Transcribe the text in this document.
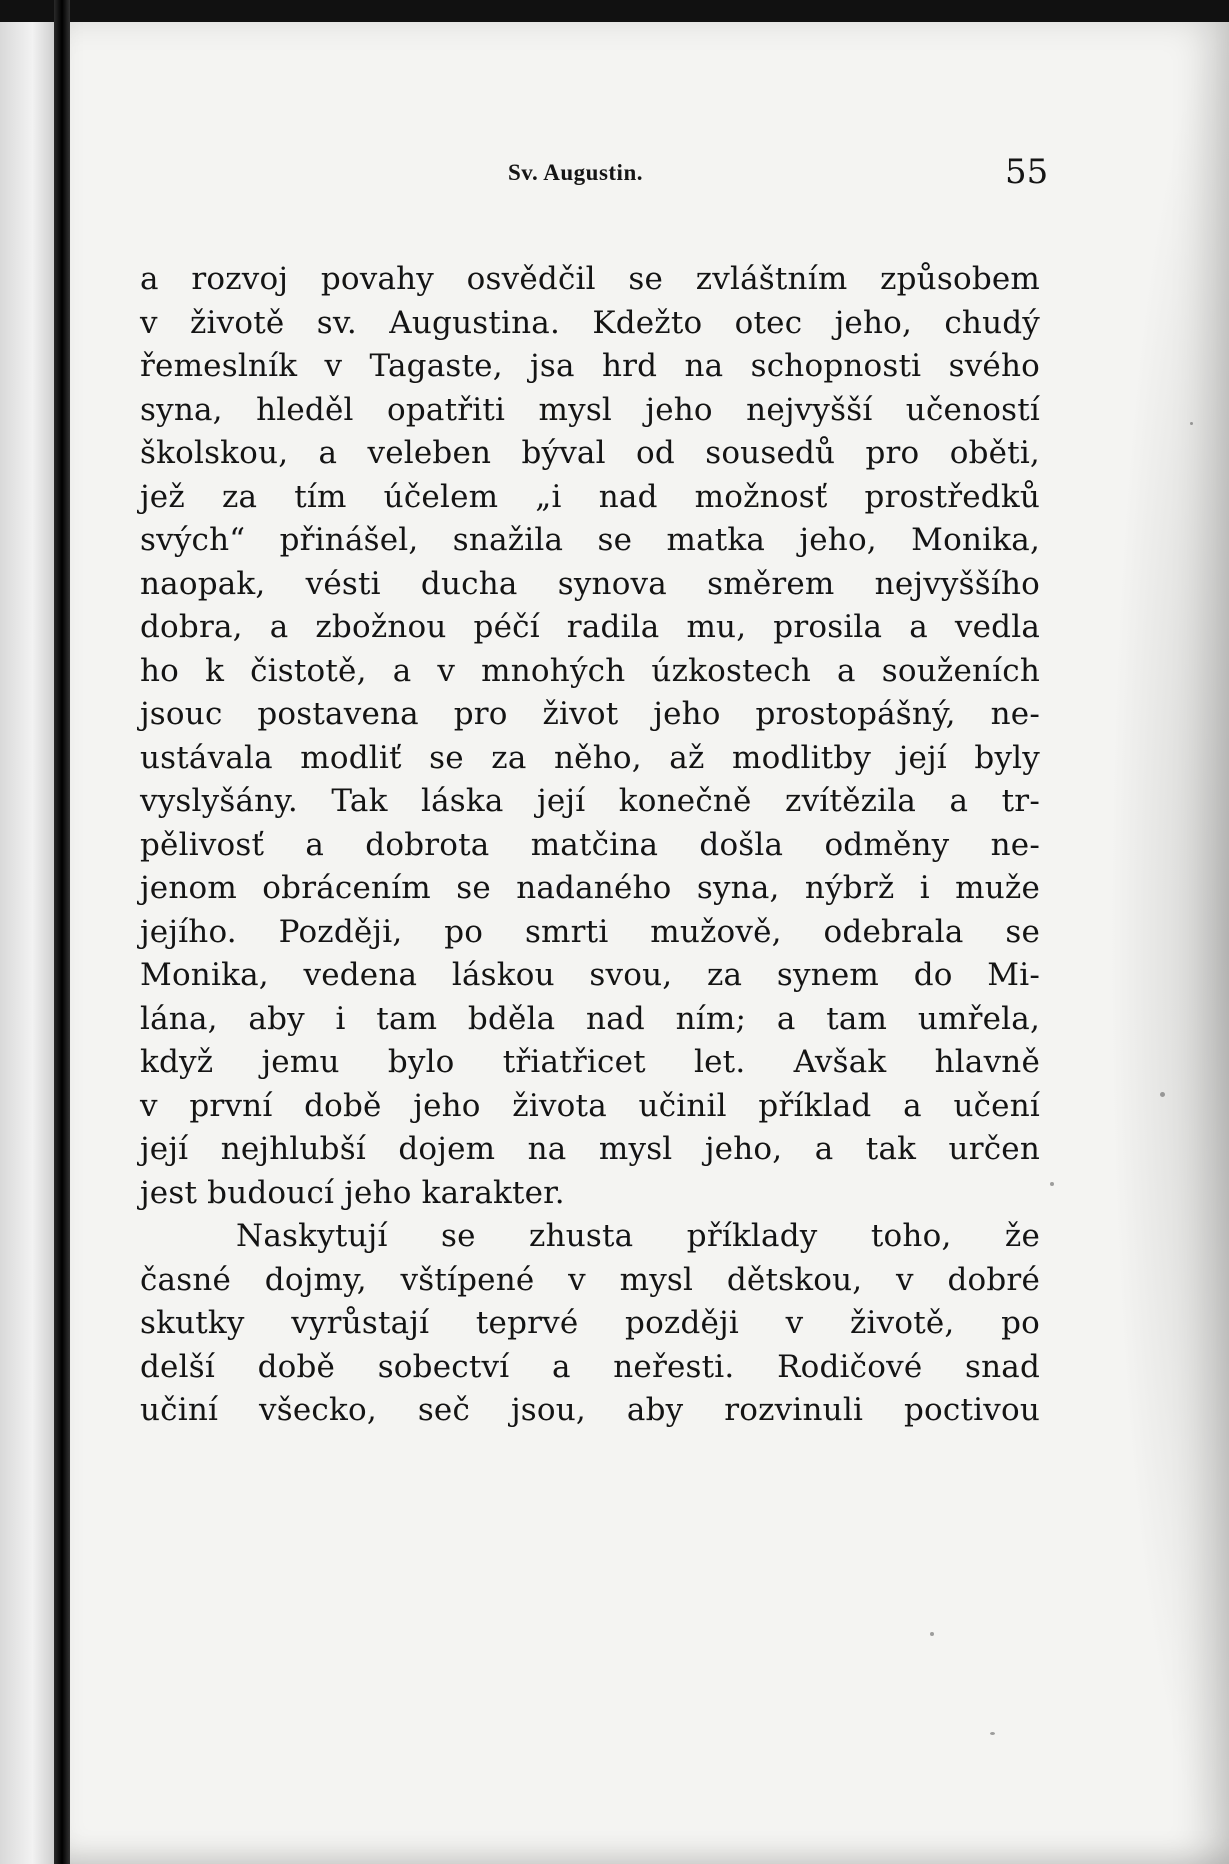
Sv. Augustin.	55
a rozvoj povahy osvědčil se zvláštním způsobem
v životě sv. Augustina. Kdežto otec jeho, chudý
řemeslník v Tagaste, jsa hrd na schopnosti svého
syna, hleděl opatřiti mysl jeho nejvyšší učeností
školskou, a veleben býval od sousedů pro oběti,
jež za tím účelem „i nad možnosť prostředků
svých“ přinášel, snažila se matka jeho, Monika,
naopak, vésti ducha synova směrem nejvyššího
dobra, a zbožnou péčí radila mu, prosila a vedla
ho k čistotě, a v mnohých úzkostech a souženích
jsouc postavena pro život jeho prostopášný, ne-
ustávala modliť se za něho, až modlitby její byly
vyslyšány. Tak láska její konečně zvítězila a tr-
pělivosť a dobrota matčina došla odměny ne-
jenom obrácením se nadaného syna, nýbrž i muže
jejího. Později, po smrti mužově, odebrala se
Monika, vedena láskou svou, za synem do Mi-
lána, aby i tam bděla nad ním; a tam umřela,
když jemu bylo třiatřicet let. Avšak hlavně
v první době jeho života učinil příklad a učení
její nejhlubší dojem na mysl jeho, a tak určen
jest budoucí jeho karakter.
Naskytují se zhusta příklady toho, že
časné dojmy, vštípené v mysl dětskou, v dobré
skutky vyrůstají teprvé později v životě, po
delší době sobectví a neřesti. Rodičové snad
učiní všecko, seč jsou, aby rozvinuli poctivou
